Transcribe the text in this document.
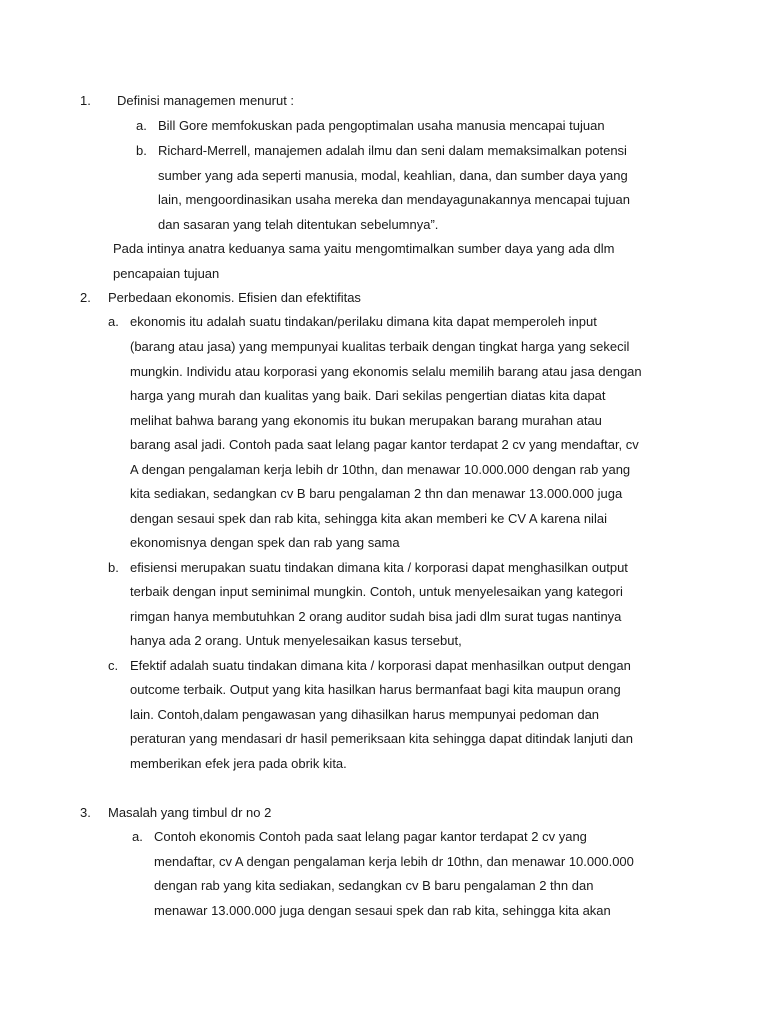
1. Definisi managemen menurut :
a. Bill Gore memfokuskan pada pengoptimalan usaha manusia mencapai tujuan
b. Richard-Merrell, manajemen adalah ilmu dan seni dalam memaksimalkan potensi
sumber yang ada seperti manusia, modal, keahlian, dana, dan sumber daya yang
lain, mengoordinasikan usaha mereka dan mendayagunakannya mencapai tujuan
dan sasaran yang telah ditentukan sebelumnya”.
Pada intinya anatra keduanya sama yaitu mengomtimalkan sumber daya yang ada dlm
pencapaian tujuan
2. Perbedaan ekonomis. Efisien dan efektifitas
a. ekonomis itu adalah suatu tindakan/perilaku dimana kita dapat memperoleh input
(barang atau jasa) yang mempunyai kualitas terbaik dengan tingkat harga yang sekecil
mungkin. Individu atau korporasi yang ekonomis selalu memilih barang atau jasa dengan
harga yang murah dan kualitas yang baik. Dari sekilas pengertian diatas kita dapat
melihat bahwa barang yang ekonomis itu bukan merupakan barang murahan atau
barang asal jadi. Contoh pada saat lelang pagar kantor terdapat 2 cv yang mendaftar, cv
A dengan pengalaman kerja lebih dr 10thn, dan menawar 10.000.000 dengan rab yang
kita sediakan, sedangkan cv B baru pengalaman 2 thn dan menawar 13.000.000 juga
dengan sesaui spek dan rab kita, sehingga kita akan memberi ke CV A karena nilai
ekonomisnya dengan spek dan rab yang sama
b. efisiensi merupakan suatu tindakan dimana kita / korporasi dapat menghasilkan output
terbaik dengan input seminimal mungkin. Contoh, untuk menyelesaikan yang kategori
rimgan hanya membutuhkan 2 orang auditor sudah bisa jadi dlm surat tugas nantinya
hanya ada 2 orang. Untuk menyelesaikan kasus tersebut,
c. Efektif adalah suatu tindakan dimana kita / korporasi dapat menhasilkan output dengan
outcome terbaik. Output yang kita hasilkan harus bermanfaat bagi kita maupun orang
lain. Contoh,dalam pengawasan yang dihasilkan harus mempunyai pedoman dan
peraturan yang mendasari dr hasil pemeriksaan kita sehingga dapat ditindak lanjuti dan
memberikan efek jera pada obrik kita.
3. Masalah yang timbul dr no 2
a. Contoh ekonomis Contoh pada saat lelang pagar kantor terdapat 2 cv yang
mendaftar, cv A dengan pengalaman kerja lebih dr 10thn, dan menawar 10.000.000
dengan rab yang kita sediakan, sedangkan cv B baru pengalaman 2 thn dan
menawar 13.000.000 juga dengan sesaui spek dan rab kita, sehingga kita akan
